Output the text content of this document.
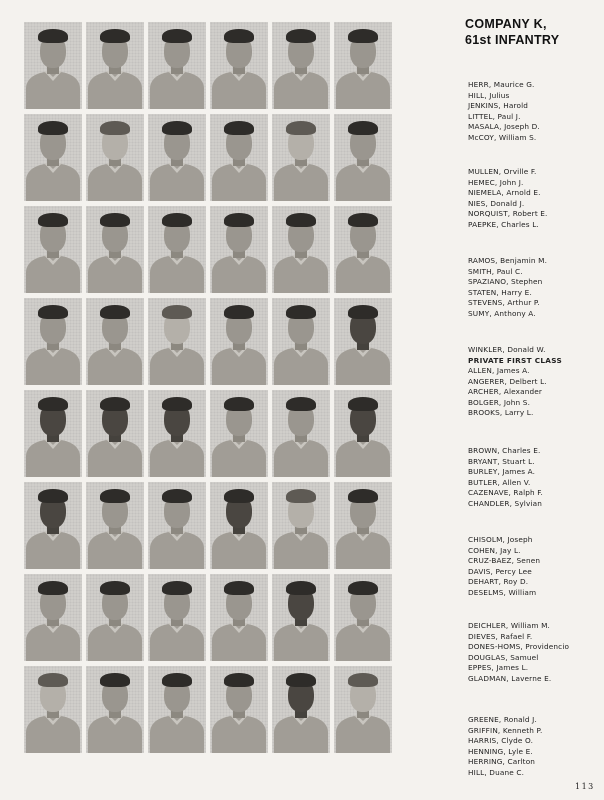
COMPANY K,
61st INFANTRY
HERR, Maurice G.
HILL, Julius
JENKINS, Harold
LITTEL, Paul J.
MASALA, Joseph D.
McCOY, William S.
MULLEN, Orville F.
HEMEC, John J.
NIEMELA, Arnold E.
NIES, Donald J.
NORQUIST, Robert E.
PAEPKE, Charles L.
RAMOS, Benjamin M.
SMITH, Paul C.
SPAZIANO, Stephen
STATEN, Harry E.
STEVENS, Arthur P.
SUMY, Anthony A.
WINKLER, Donald W.
PRIVATE FIRST CLASS
ALLEN, James A.
ANGERER, Delbert L.
ARCHER, Alexander
BOLGER, John S.
BROOKS, Larry L.
BROWN, Charles E.
BRYANT, Stuart L.
BURLEY, James A.
BUTLER, Allen V.
CAZENAVE, Ralph F.
CHANDLER, Sylvian
CHISOLM, Joseph
COHEN, Jay L.
CRUZ-BAEZ, Senen
DAVIS, Percy Lee
DEHART, Roy D.
DESELMS, William
DEICHLER, William M.
DIEVES, Rafael F.
DONES-HOMS, Providencio
DOUGLAS, Samuel
EPPES, James L.
GLADMAN, Laverne E.
GREENE, Ronald J.
GRIFFIN, Kenneth P.
HARRIS, Clyde O.
HENNING, Lyle E.
HERRING, Carlton
HILL, Duane C.
113
